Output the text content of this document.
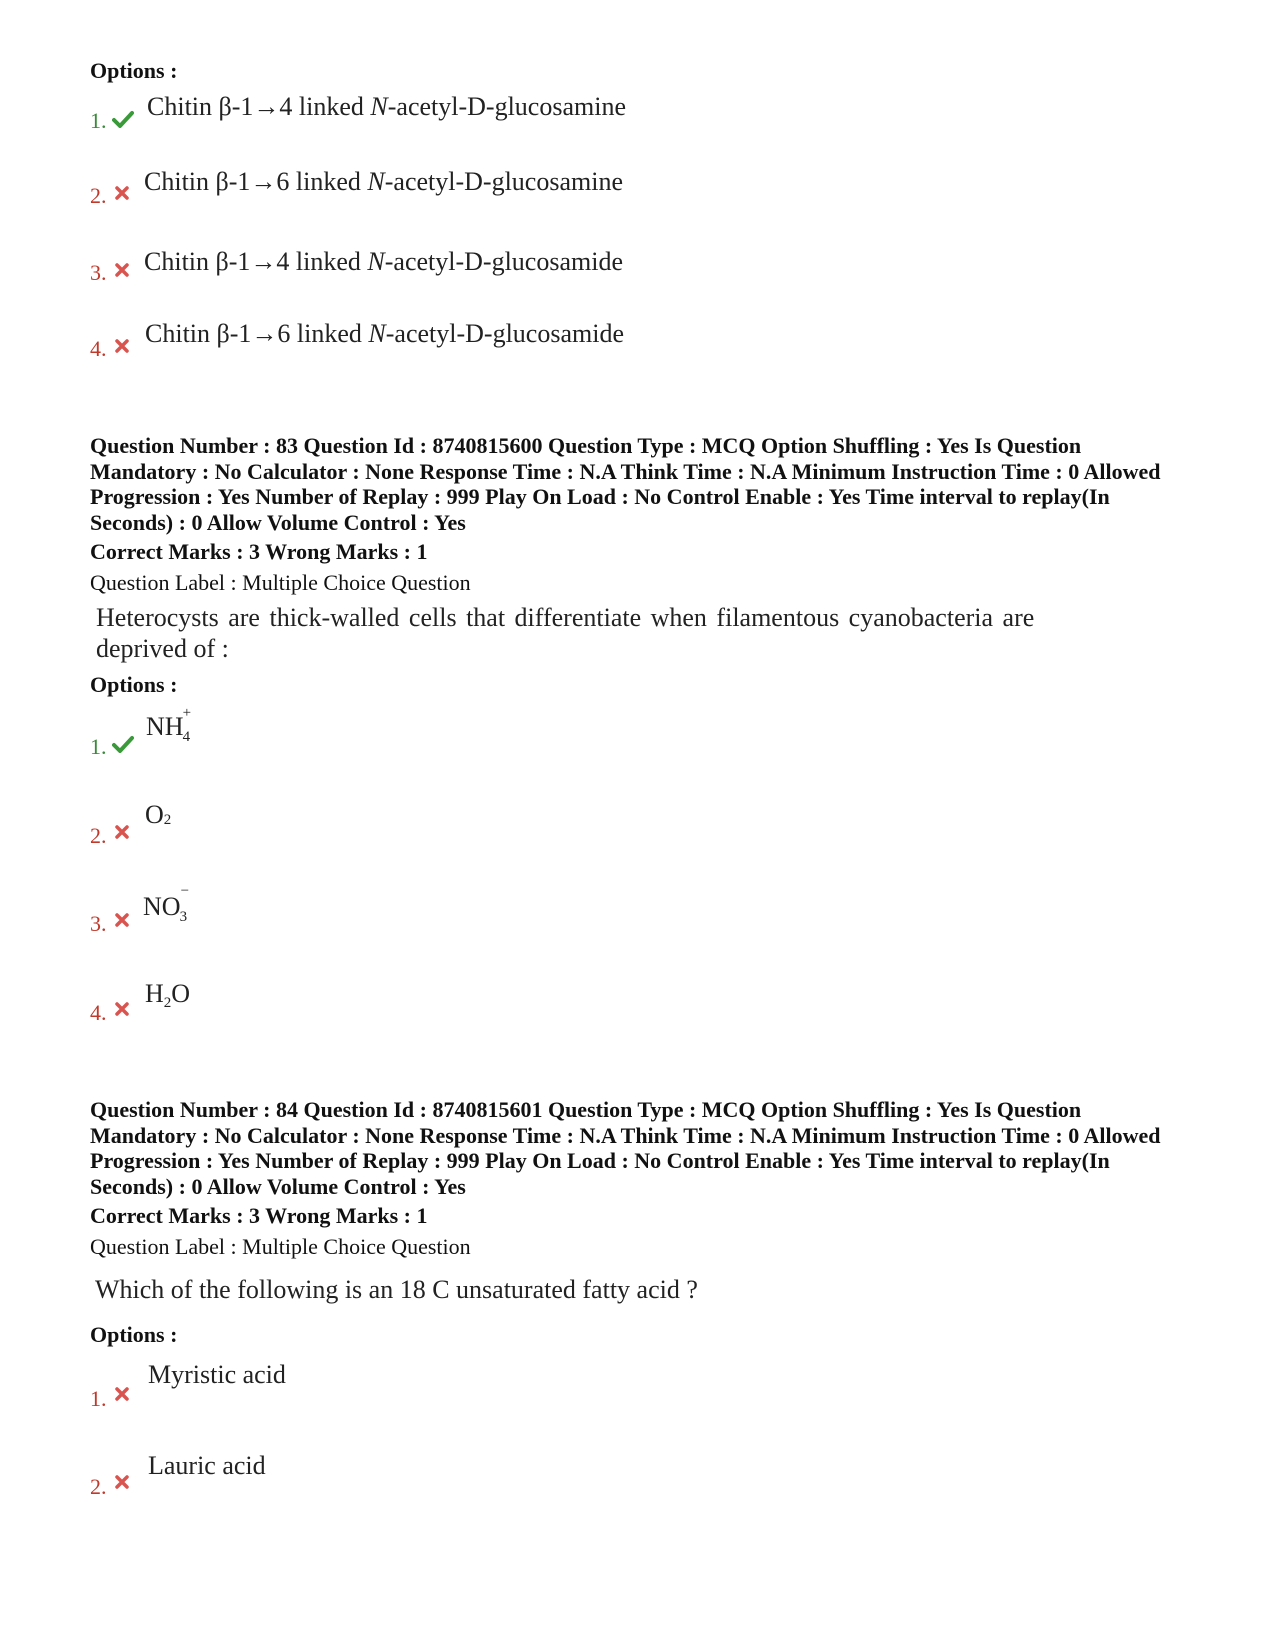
Options :
1. Chitin β-1→4 linked N-acetyl-D-glucosamine
2. Chitin β-1→6 linked N-acetyl-D-glucosamine
3. Chitin β-1→4 linked N-acetyl-D-glucosamide
4.
Chitin β-1→6 linked N-acetyl-D-glucosamide
Question Number : 83 Question Id : 8740815600 Question Type : MCQ Option Shuffling : Yes Is Question Mandatory : No Calculator : None Response Time : N.A Think Time : N.A Minimum Instruction Time : 0 Allowed Progression : Yes Number of Replay : 999 Play On Load : No Control Enable : Yes Time interval to replay(In Seconds) : 0 Allow Volume Control : Yes
Correct Marks : 3 Wrong Marks : 1
Question Label : Multiple Choice Question
Heterocysts are thick-walled cells that differentiate when filamentous cyanobacteria are
deprived of :
Options :
1.
NH 4
+
2.
O 2
3.
NO 3
−
4.
$H_2O$
Question Number : 84 Question Id : 8740815601 Question Type : MCQ Option Shuffling : Yes Is Question Mandatory : No Calculator : None Response Time : N.A Think Time : N.A Minimum Instruction Time : 0 Allowed Progression : Yes Number of Replay : 999 Play On Load : No Control Enable : Yes Time interval to replay(In Seconds) : 0 Allow Volume Control : Yes
Correct Marks : 3 Wrong Marks : 1
Question Label : Multiple Choice Question
Which of the following is an 18 C unsaturated fatty acid ?
Options :
1.
Myristic acid
2.
Lauric acid
